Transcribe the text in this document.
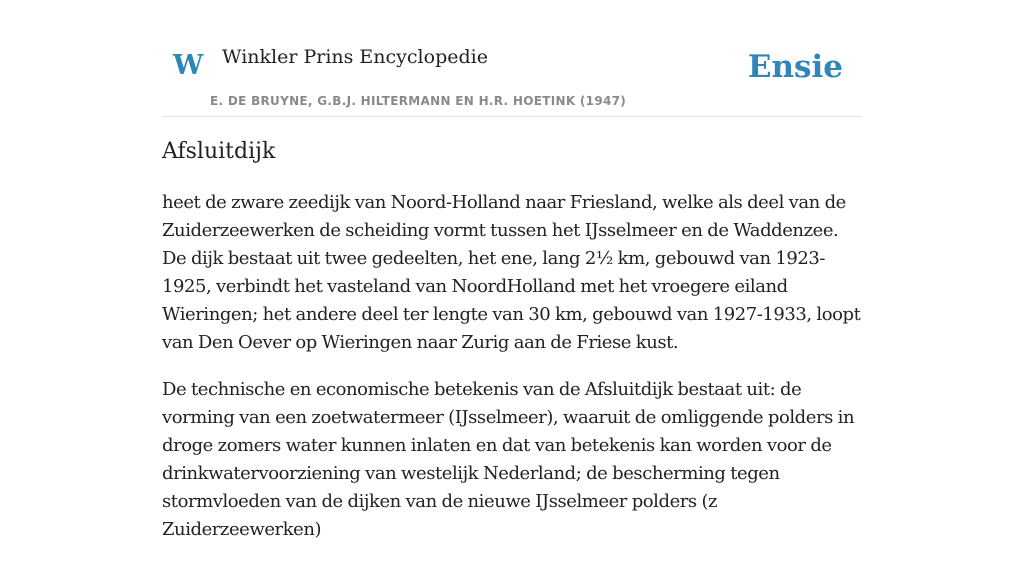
W Winkler Prins Encyclopedie
E. DE BRUYNE, G.B.J. HILTERMANN EN H.R. HOETINK (1947)
Ensie
Afsluitdijk

heet de zware zeedijk van Noord-Holland naar Friesland, welke als deel van de Zuiderzeewerken de scheiding vormt tussen het IJsselmeer en de Waddenzee. De dijk bestaat uit twee gedeelten, het ene, lang 2½ km, gebouwd van 1923-1925, verbindt het vasteland van NoordHolland met het vroegere eiland Wieringen; het andere deel ter lengte van 30 km, gebouwd van 1927-1933, loopt van Den Oever op Wieringen naar Zurig aan de Friese kust.

De technische en economische betekenis van de Afsluitdijk bestaat uit: de vorming van een zoetwatermeer (IJsselmeer), waaruit de omliggende polders in droge zomers water kunnen inlaten en dat van betekenis kan worden voor de drinkwatervoorziening van westelijk Nederland; de bescherming tegen stormvloeden van de dijken van de nieuwe IJsselmeer polders (z Zuiderzeewerken)
